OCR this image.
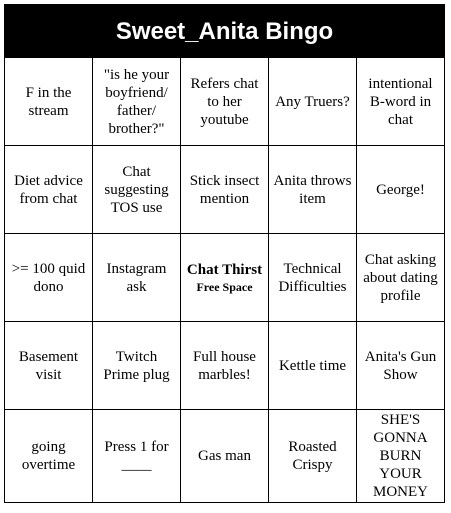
Sweet_Anita Bingo
F in the stream
"is he your boyfriend/ father/ brother?"
Refers chat to her youtube
Any Truers?
intentional B-word in chat
Diet advice from chat
Chat suggesting TOS use
Stick insect mention
Anita throws item
George!
>= 100 quid dono
Instagram ask
Chat Thirst
Free Space
Technical Difficulties
Chat asking about dating profile
Basement visit
Twitch Prime plug
Full house marbles!
Kettle time
Anita's Gun Show
going overtime
Press 1 for ____
Gas man
Roasted Crispy
SHE'S GONNA BURN YOUR MONEY
